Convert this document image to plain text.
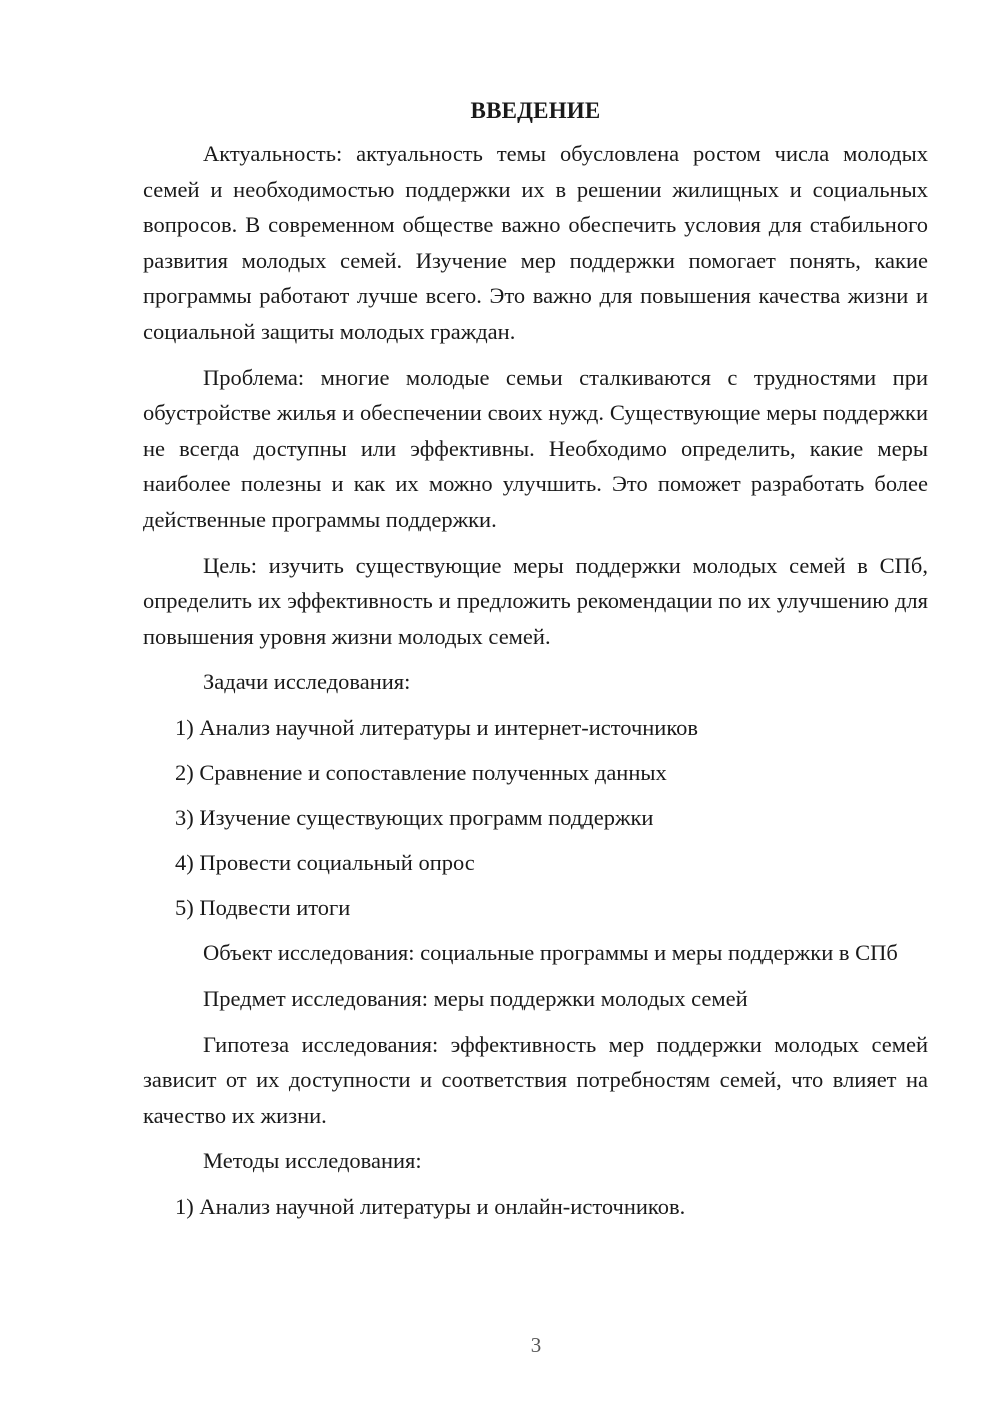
ВВЕДЕНИЕ

Актуальность: актуальность темы обусловлена ростом числа молодых семей и необходимостью поддержки их в решении жилищных и социальных вопросов. В современном обществе важно обеспечить условия для стабильного развития молодых семей. Изучение мер поддержки помогает понять, какие программы работают лучше всего. Это важно для повышения качества жизни и социальной защиты молодых граждан.

Проблема: многие молодые семьи сталкиваются с трудностями при обустройстве жилья и обеспечении своих нужд. Существующие меры поддержки не всегда доступны или эффективны. Необходимо определить, какие меры наиболее полезны и как их можно улучшить. Это поможет разработать более действенные программы поддержки.

Цель: изучить существующие меры поддержки молодых семей в СПб, определить их эффективность и предложить рекомендации по их улучшению для повышения уровня жизни молодых семей.

Задачи исследования:

1) Анализ научной литературы и интернет-источников

2) Сравнение и сопоставление полученных данных

3) Изучение существующих программ поддержки

4) Провести социальный опрос

5) Подвести итоги

Объект исследования: социальные программы и меры поддержки в СПб

Предмет исследования: меры поддержки молодых семей

Гипотеза исследования: эффективность мер поддержки молодых семей зависит от их доступности и соответствия потребностям семей, что влияет на качество их жизни.

Методы исследования:

1) Анализ научной литературы и онлайн-источников.

3
